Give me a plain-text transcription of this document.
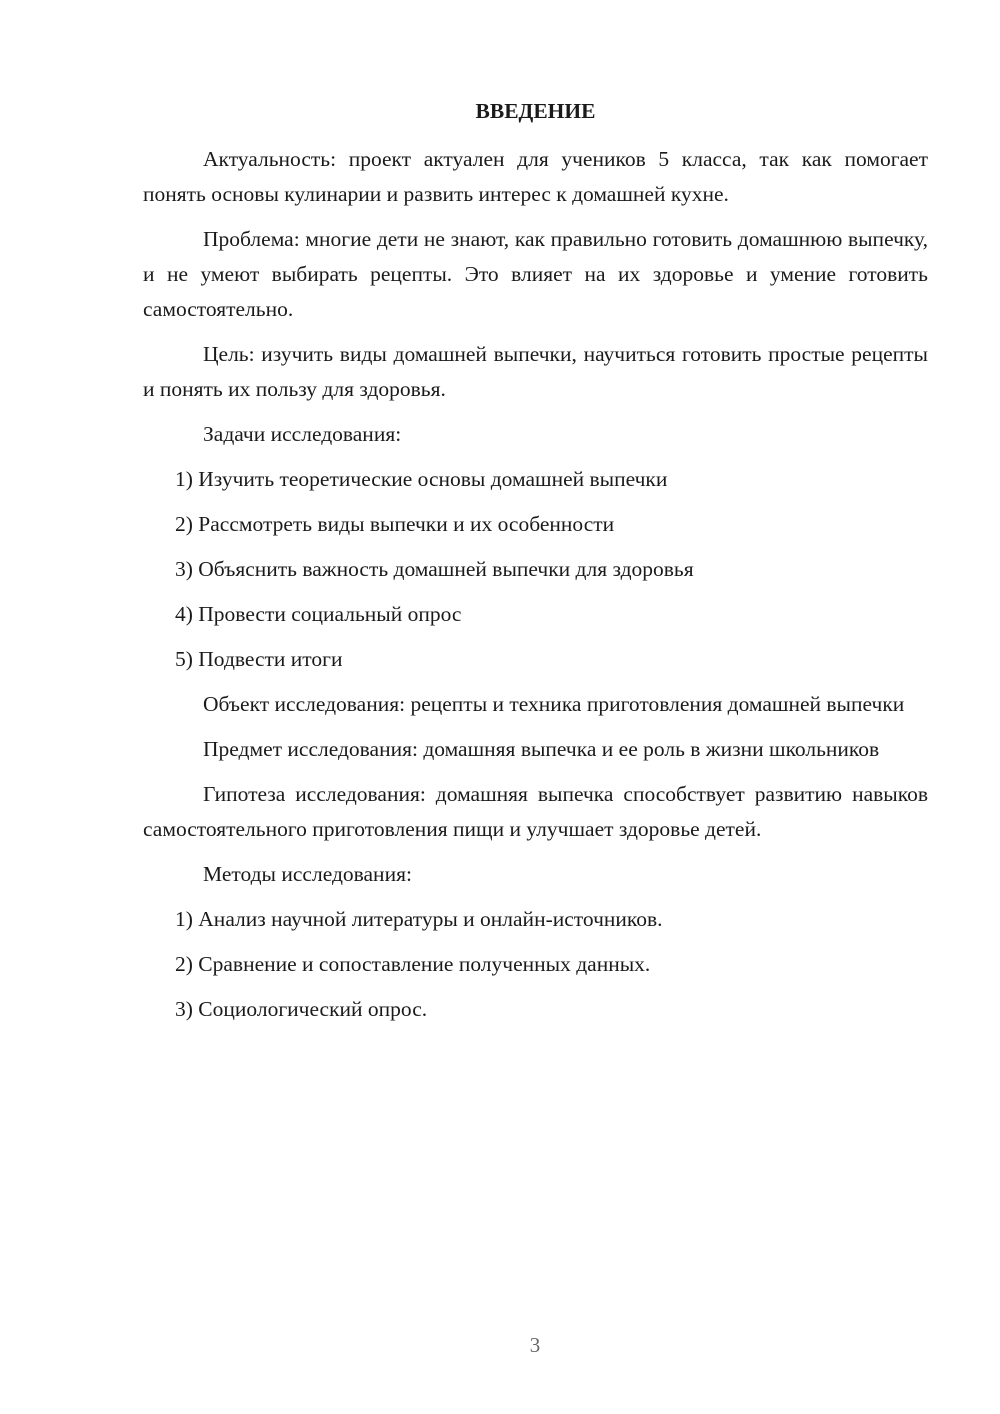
ВВЕДЕНИЕ

Актуальность: проект актуален для учеников 5 класса, так как помогает понять основы кулинарии и развить интерес к домашней кухне.

Проблема: многие дети не знают, как правильно готовить домашнюю выпечку, и не умеют выбирать рецепты. Это влияет на их здоровье и умение готовить самостоятельно.

Цель: изучить виды домашней выпечки, научиться готовить простые рецепты и понять их пользу для здоровья.

Задачи исследования:

1) Изучить теоретические основы домашней выпечки
2) Рассмотреть виды выпечки и их особенности
3) Объяснить важность домашней выпечки для здоровья
4) Провести социальный опрос
5) Подвести итоги

Объект исследования: рецепты и техника приготовления домашней выпечки

Предмет исследования: домашняя выпечка и ее роль в жизни школьников

Гипотеза исследования: домашняя выпечка способствует развитию навыков самостоятельного приготовления пищи и улучшает здоровье детей.

Методы исследования:

1) Анализ научной литературы и онлайн-источников.
2) Сравнение и сопоставление полученных данных.
3) Социологический опрос.
3
